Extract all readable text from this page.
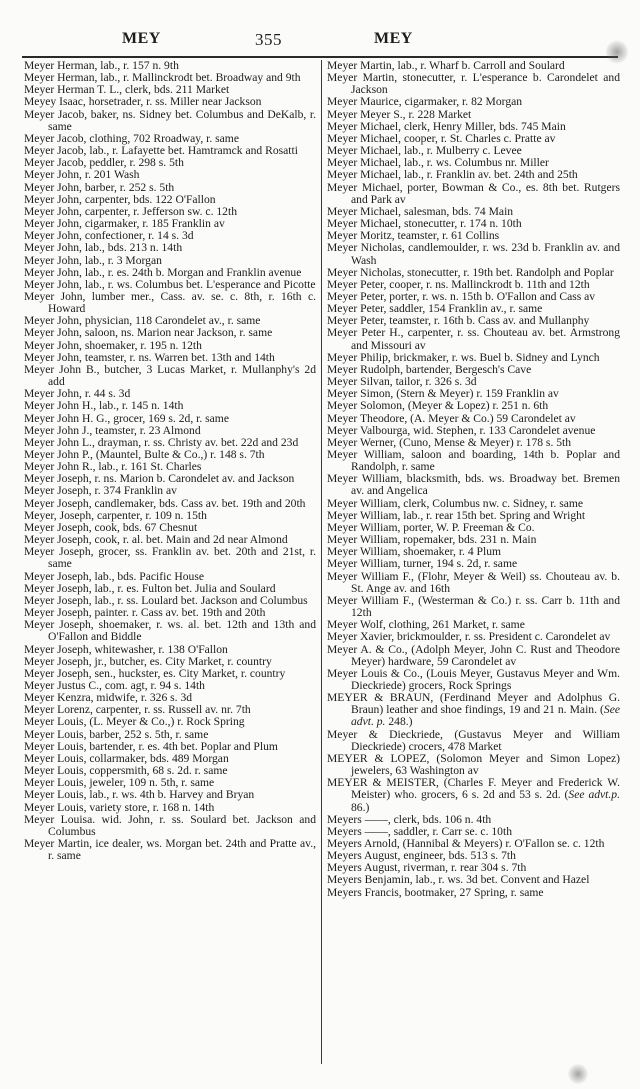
MEY	355	MEY

Meyer Herman, lab., r. 157 n. 9th

Meyer Herman, lab., r. Mallinckrodt bet. Broadway and 9th

Meyer Herman T. L., clerk, bds. 211 Market

Meyey Isaac, horsetrader, r. ss. Miller near Jackson

Meyer Jacob, baker, ns. Sidney bet. Columbus and DeKalb, r. same

Meyer Jacob, clothing, 702 Rroadway, r. same

Meyer Jacob, lab., r. Lafayette bet. Hamtramck and Rosatti

Meyer Jacob, peddler, r. 298 s. 5th

Meyer John, r. 201 Wash

Meyer John, barber, r. 252 s. 5th

Meyer John, carpenter, bds. 122 O'Fallon

Meyer John, carpenter, r. Jefferson sw. c. 12th

Meyer John, cigarmaker, r. 185 Franklin av

Meyer John, confectioner, r. 14 s. 3d

Meyer John, lab., bds. 213 n. 14th

Meyer John, lab., r. 3 Morgan

Meyer John, lab., r. es. 24th b. Morgan and Franklin avenue

Meyer John, lab., r. ws. Columbus bet. L'esperance and Picotte

Meyer John, lumber mer., Cass. av. se. c. 8th, r. 16th c. Howard

Meyer John, physician, 118 Carondelet av., r. same

Meyer John, saloon, ns. Marion near Jackson, r. same

Meyer John, shoemaker, r. 195 n. 12th

Meyer John, teamster, r. ns. Warren bet. 13th and 14th

Meyer John B., butcher, 3 Lucas Market, r. Mullanphy's 2d add

Meyer John, r. 44 s. 3d

Meyer John H., lab., r. 145 n. 14th

Meyer John H. G., grocer, 169 s. 2d, r. same

Meyer John J., teamster, r. 23 Almond

Meyer John L., drayman, r. ss. Christy av. bet. 22d and 23d

Meyer John P., (Mauntel, Bulte & Co.,) r. 148 s. 7th

Meyer John R., lab., r. 161 St. Charles

Meyer Joseph, r. ns. Marion b. Carondelet av. and Jackson

Meyer Joseph, r. 374 Franklin av

Meyer Joseph, candlemaker, bds. Cass av. bet. 19th and 20th

Meyer, Joseph, carpenter, r. 109 n. 15th

Meyer Joseph, cook, bds. 67 Chesnut

Meyer Joseph, cook, r. al. bet. Main and 2d near Almond

Meyer Joseph, grocer, ss. Franklin av. bet. 20th and 21st, r. same

Meyer Joseph, lab., bds. Pacific House

Meyer Joseph, lab., r. es. Fulton bet. Julia and Soulard

Meyer Joseph, lab., r. ss. Loulard bet. Jackson and Columbus

Meyer Joseph, painter. r. Cass av. bet. 19th and 20th

Meyer Joseph, shoemaker, r. ws. al. bet. 12th and 13th and O'Fallon and Biddle

Meyer Joseph, whitewasher, r. 138 O'Fallon

Meyer Joseph, jr., butcher, es. City Market, r. country

Meyer Joseph, sen., huckster, es. City Market, r. country

Meyer Justus C., com. agt, r. 94 s. 14th

Meyer Kenzra, midwife, r. 326 s. 3d

Meyer Lorenz, carpenter, r. ss. Russell av. nr. 7th

Meyer Louis, (L. Meyer & Co.,) r. Rock Spring

Meyer Louis, barber, 252 s. 5th, r. same

Meyer Louis, bartender, r. es. 4th bet. Poplar and Plum

Meyer Louis, collarmaker, bds. 489 Morgan

Meyer Louis, coppersmith, 68 s. 2d. r. same

Meyer Louis, jeweler, 109 n. 5th, r. same

Meyer Louis, lab., r. ws. 4th b. Harvey and Bryan

Meyer Louis, variety store, r. 168 n. 14th

Meyer Louisa. wid. John, r. ss. Soulard bet. Jackson and Columbus

Meyer Martin, ice dealer, ws. Morgan bet. 24th and Pratte av., r. same

Meyer Martin, lab., r. Wharf b. Carroll and Soulard

Meyer Martin, stonecutter, r. L'esperance b. Carondelet and Jackson

Meyer Maurice, cigarmaker, r. 82 Morgan

Meyer Meyer S., r. 228 Market

Meyer Michael, clerk, Henry Miller, bds. 745 Main

Meyer Michael, cooper, r. St. Charles c. Pratte av

Meyer Michael, lab., r. Mulberry c. Levee

Meyer Michael, lab., r. ws. Columbus nr. Miller

Meyer Michael, lab., r. Franklin av. bet. 24th and 25th

Meyer Michael, porter, Bowman & Co., es. 8th bet. Rutgers and Park av

Meyer Michael, salesman, bds. 74 Main

Meyer Michael, stonecutter, r. 174 n. 10th

Meyer Moritz, teamster, r. 61 Collins

Meyer Nicholas, candlemoulder, r. ws. 23d b. Franklin av. and Wash

Meyer Nicholas, stonecutter, r. 19th bet. Randolph and Poplar

Meyer Peter, cooper, r. ns. Mallinckrodt b. 11th and 12th

Meyer Peter, porter, r. ws. n. 15th b. O'Fallon and Cass av

Meyer Peter, saddler, 154 Franklin av., r. same

Meyer Peter, teamster, r. 16th b. Cass av. and Mullanphy

Meyer Peter H., carpenter, r. ss. Chouteau av. bet. Armstrong and Missouri av

Meyer Philip, brickmaker, r. ws. Buel b. Sidney and Lynch

Meyer Rudolph, bartender, Bergesch's Cave

Meyer Silvan, tailor, r. 326 s. 3d

Meyer Simon, (Stern & Meyer) r. 159 Franklin av

Meyer Solomon, (Meyer & Lopez) r. 251 n. 6th

Meyer Theodore, (A. Meyer & Co.) 59 Carondelet av

Meyer Valbourga, wid. Stephen, r. 133 Carondelet avenue

Meyer Werner, (Cuno, Mense & Meyer) r. 178 s. 5th

Meyer William, saloon and boarding, 14th b. Poplar and Randolph, r. same

Meyer William, blacksmith, bds. ws. Broadway bet. Bremen av. and Angelica

Meyer William, clerk, Columbus nw. c. Sidney, r. same

Meyer William, lab., r. rear 15th bet. Spring and Wright

Meyer William, porter, W. P. Freeman & Co.

Meyer William, ropemaker, bds. 231 n. Main

Meyer William, shoemaker, r. 4 Plum

Meyer William, turner, 194 s. 2d, r. same

Meyer William F., (Flohr, Meyer & Weil) ss. Chouteau av. b. St. Ange av. and 16th

Meyer William F., (Westerman & Co.) r. ss. Carr b. 11th and 12th

Meyer Wolf, clothing, 261 Market, r. same

Meyer Xavier, brickmoulder, r. ss. President c. Carondelet av

Meyer A. & Co., (Adolph Meyer, John C. Rust and Theodore Meyer) hardware, 59 Carondelet av

Meyer Louis & Co., (Louis Meyer, Gustavus Meyer and Wm. Dieckriede) grocers, Rock Springs

MEYER & BRAUN, (Ferdinand Meyer and Adolphus G. Braun) leather and shoe findings, 19 and 21 n. Main. (See advt. p. 248.)

Meyer & Dieckriede, (Gustavus Meyer and William Dieckriede) crocers, 478 Market

MEYER & LOPEZ, (Solomon Meyer and Simon Lopez) jewelers, 63 Washington av

MEYER & MEISTER, (Charles F. Meyer and Frederick W. Meister) who. grocers, 6 s. 2d and 53 s. 2d. (See advt.p. 86.)

Meyers ——, clerk, bds. 106 n. 4th

Meyers ——, saddler, r. Carr se. c. 10th

Meyers Arnold, (Hannibal & Meyers) r. O'Fallon se. c. 12th

Meyers August, engineer, bds. 513 s. 7th

Meyers August, riverman, r. rear 304 s. 7th

Meyers Benjamin, lab., r. ws. 3d bet. Convent and Hazel

Meyers Francis, bootmaker, 27 Spring, r. same
